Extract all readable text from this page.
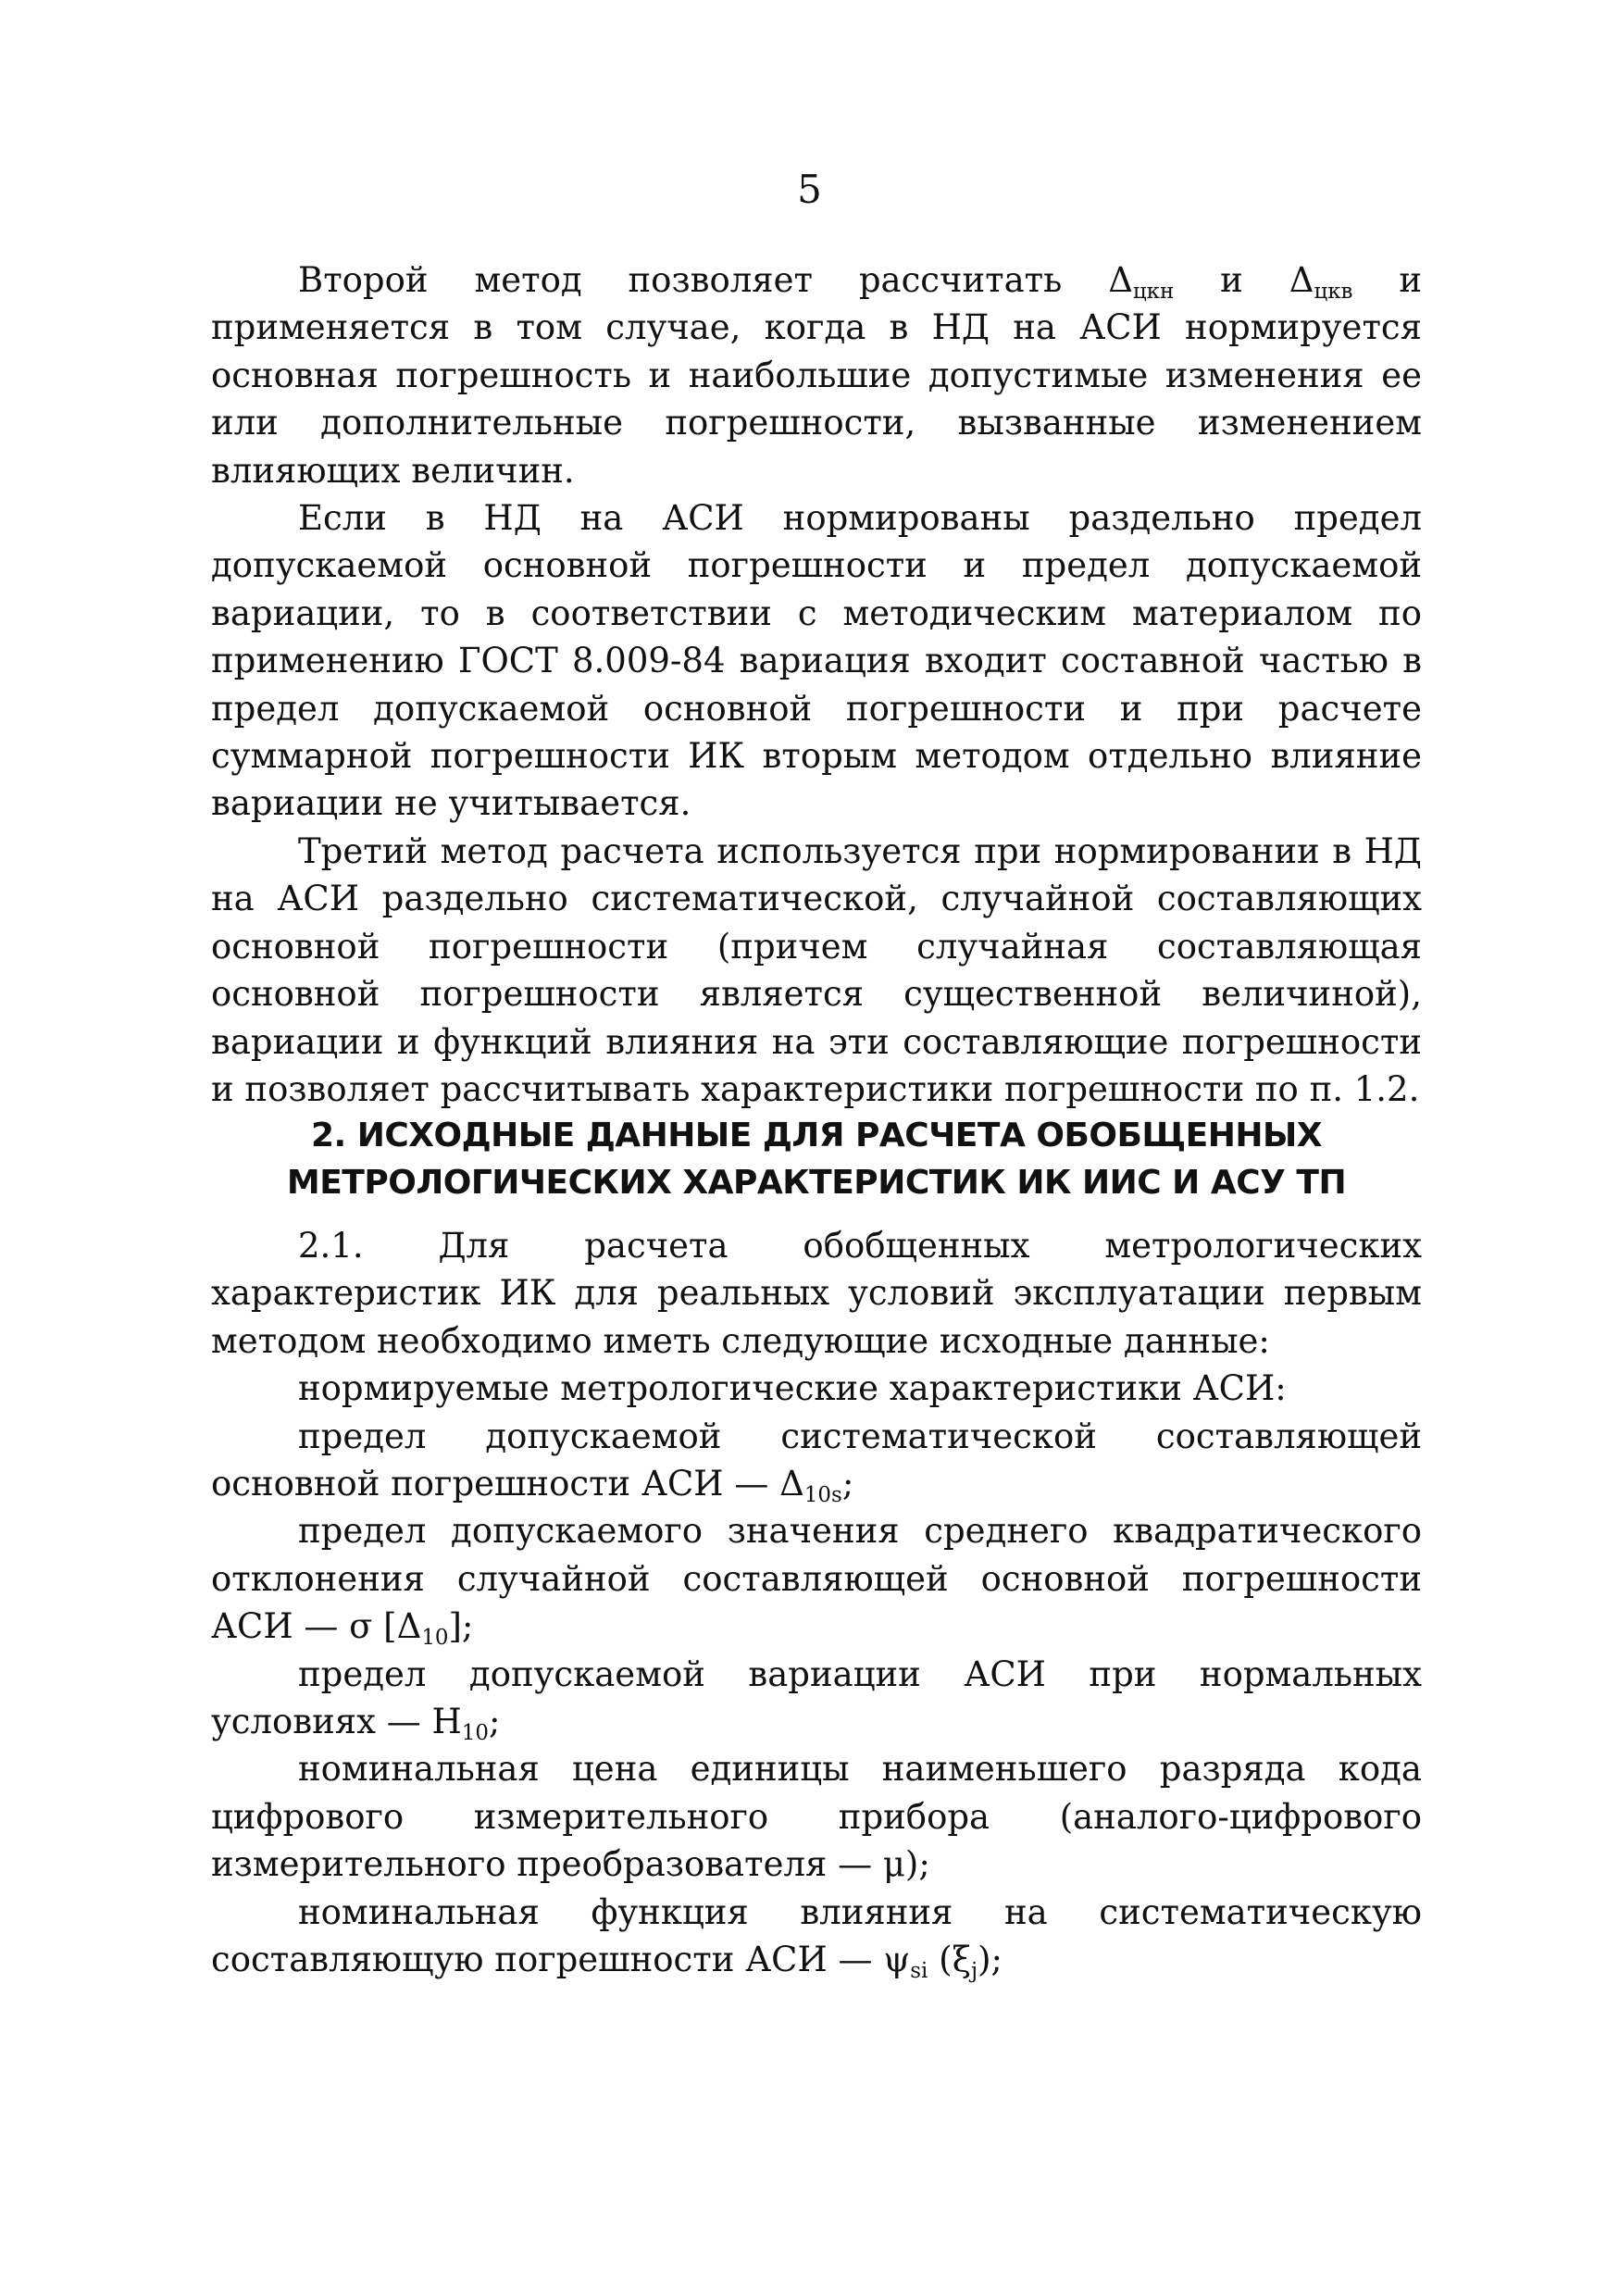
5

Второй метод позволяет рассчитать $\Delta_{цкн}$ и $\Delta_{цкв}$ и применяется в том случае, когда в НД на АСИ нормируется основная погрешность и наибольшие допустимые изменения ее или дополнительные погрешности, вызванные изменением влияющих величин.

Если в НД на АСИ нормированы раздельно предел допускаемой основной погрешности и предел допускаемой вариации, то в соответствии с методическим материалом по применению ГОСТ 8.009-84 вариация входит составной частью в предел допускаемой основной погрешности и при расчете суммарной погрешности ИК вторым методом отдельно влияние вариации не учитывается.

Третий метод расчета используется при нормировании в НД на АСИ раздельно систематической, случайной составляющих основной погрешности (причем случайная составляющая основной погрешности является существенной величиной), вариации и функций влияния на эти составляющие погрешности и позволяет рассчитывать характеристики погрешности по п. 1.2.

2. ИСХОДНЫЕ ДАННЫЕ ДЛЯ РАСЧЕТА ОБОБЩЕННЫХ
МЕТРОЛОГИЧЕСКИХ ХАРАКТЕРИСТИК ИК ИИС И АСУ ТП

2.1. Для расчета обобщенных метрологических характеристик ИК для реальных условий эксплуатации первым методом необходимо иметь следующие исходные данные:

нормируемые метрологические характеристики АСИ:

предел допускаемой систематической составляющей основной погрешности АСИ — $\Delta_{10s}$;

предел допускаемого значения среднего квадратического отклонения случайной составляющей основной погрешности АСИ — σ $[\Delta_{10}]$;

предел допускаемой вариации АСИ при нормальных условиях — $H_{10}$;

номинальная цена единицы наименьшего разряда кода цифрового измерительного прибора (аналого-цифрового измерительного преобразователя — μ);

номинальная функция влияния на систематическую составляющую погрешности АСИ — $\psi_{si}$ $(\xi_j)$;
